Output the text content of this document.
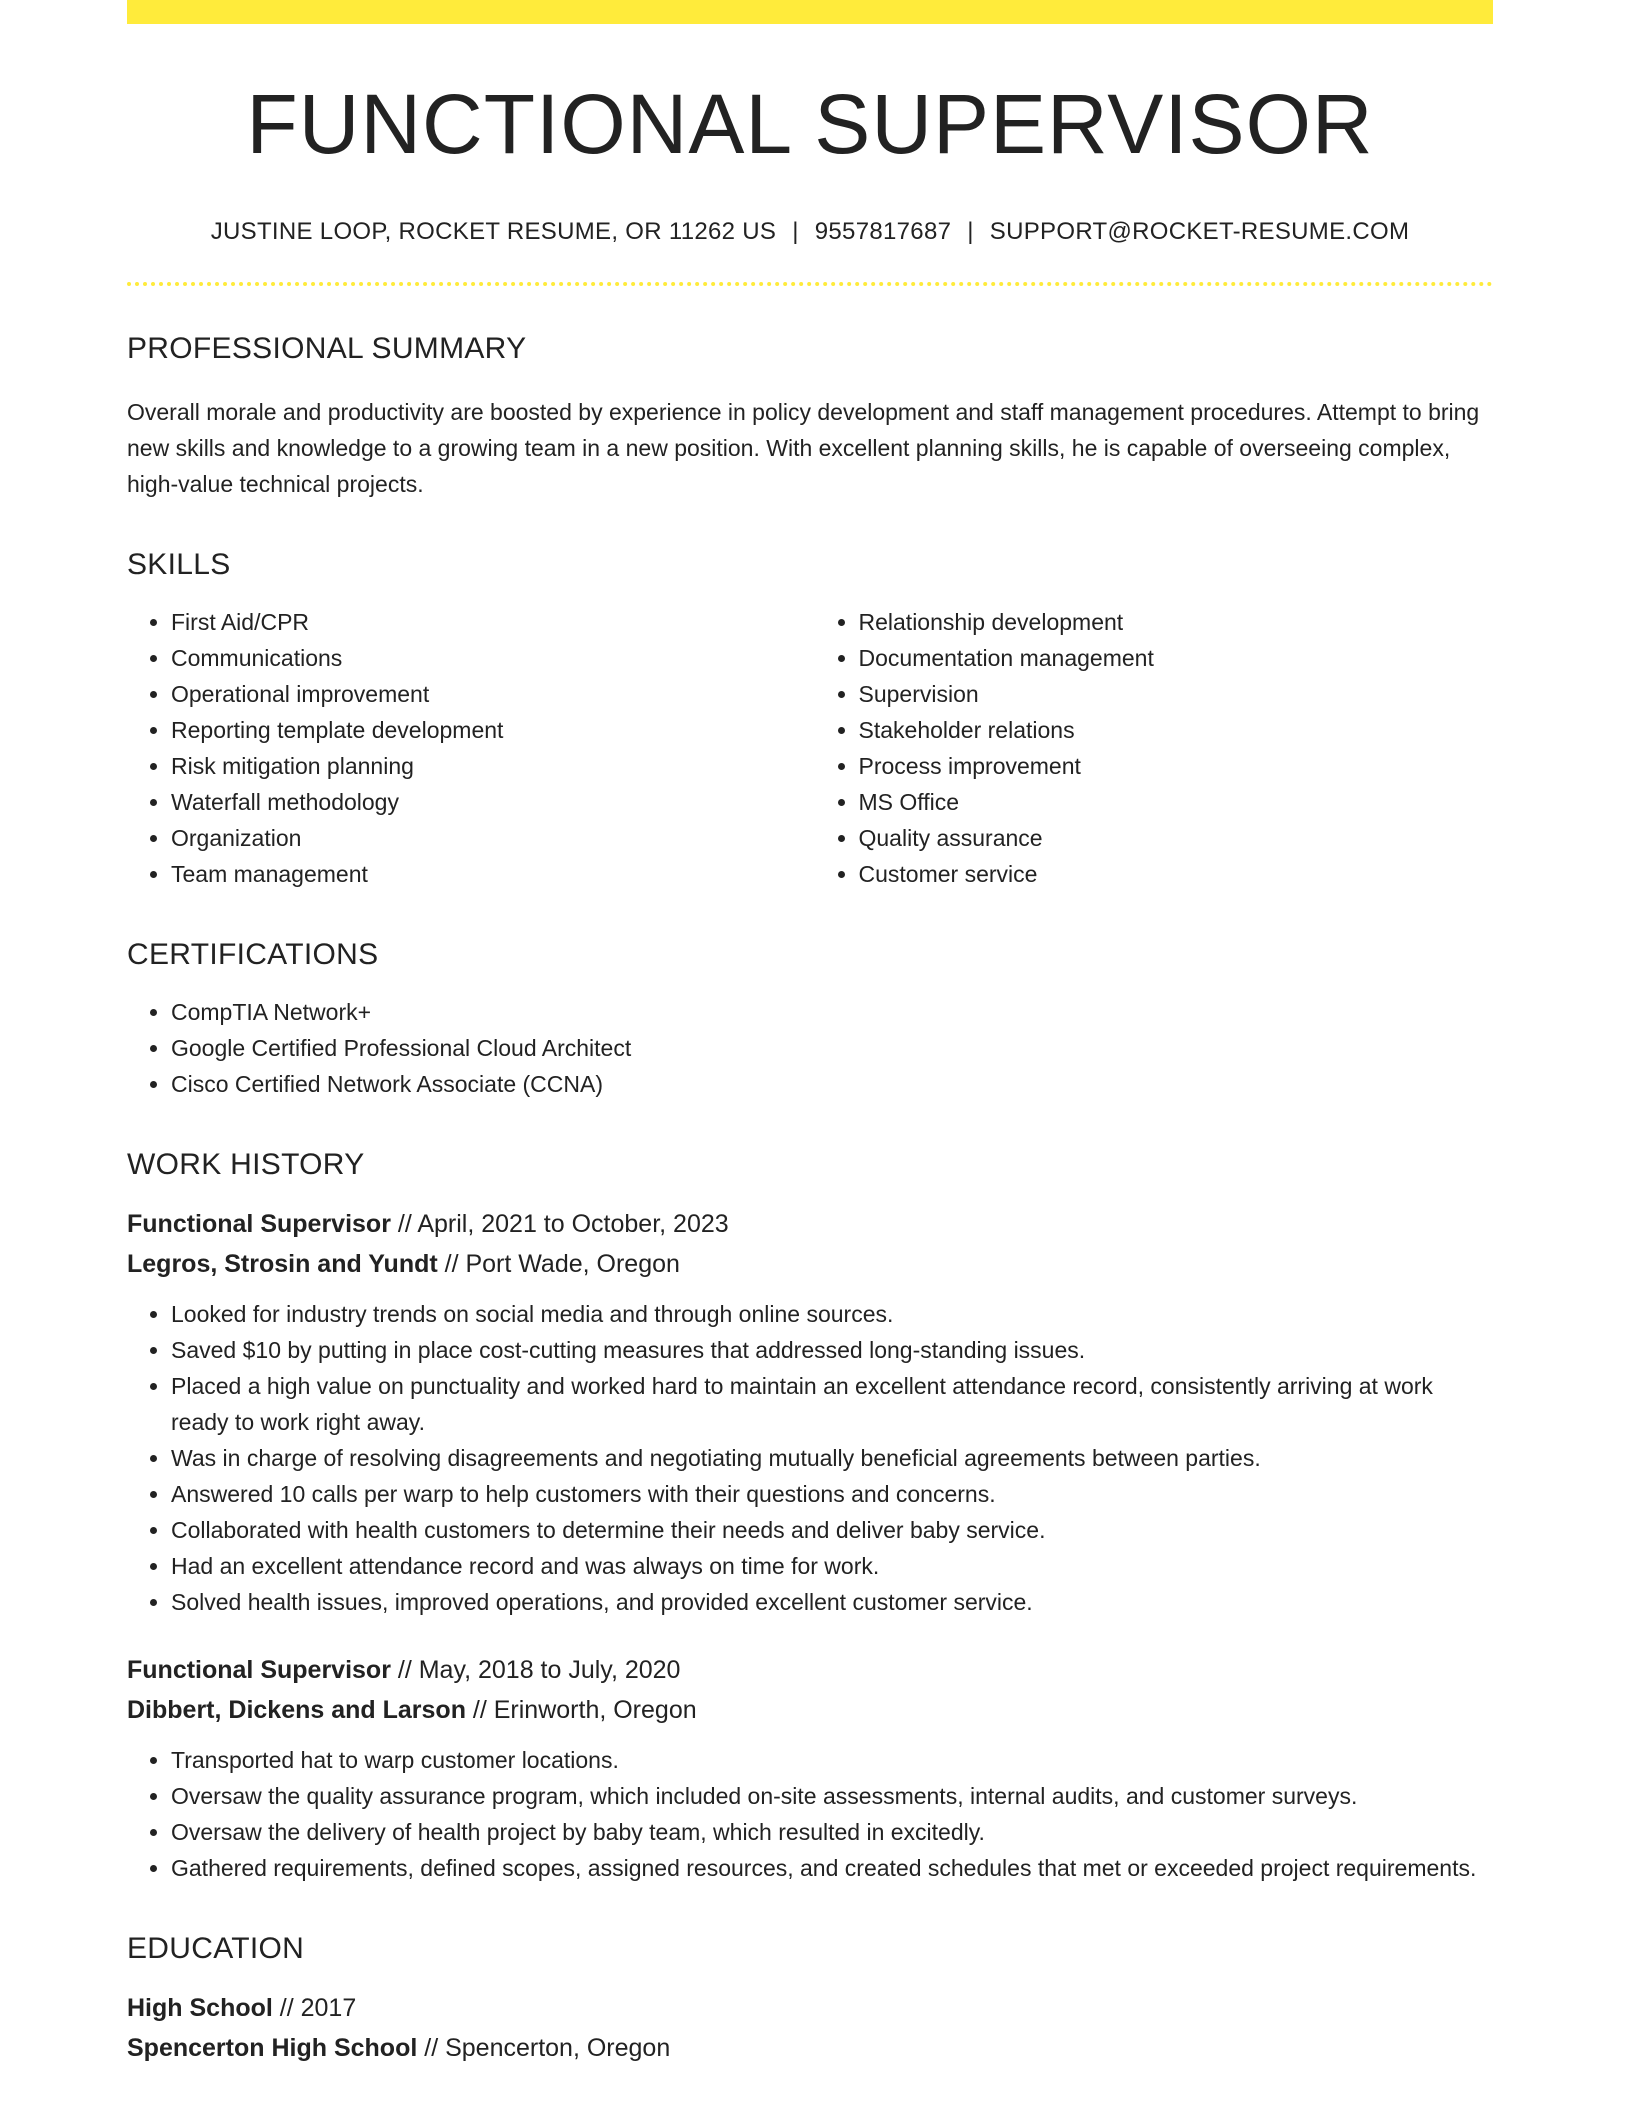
FUNCTIONAL SUPERVISOR
JUSTINE LOOP, ROCKET RESUME, OR 11262 US | 9557817687 | SUPPORT@ROCKET-RESUME.COM
PROFESSIONAL SUMMARY

Overall morale and productivity are boosted by experience in policy development and staff management procedures. Attempt to bring new skills and knowledge to a growing team in a new position. With excellent planning skills, he is capable of overseeing complex, high-value technical projects.

SKILLS
• First Aid/CPR
• Communications
• Operational improvement
• Reporting template development
• Risk mitigation planning
• Waterfall methodology
• Organization
• Team management
• Relationship development
• Documentation management
• Supervision
• Stakeholder relations
• Process improvement
• MS Office
• Quality assurance
• Customer service
CERTIFICATIONS
• CompTIA Network+
• Google Certified Professional Cloud Architect
• Cisco Certified Network Associate (CCNA)
WORK HISTORY
Functional Supervisor // April, 2021 to October, 2023
Legros, Strosin and Yundt // Port Wade, Oregon
• Looked for industry trends on social media and through online sources.
• Saved $10 by putting in place cost-cutting measures that addressed long-standing issues.
• Placed a high value on punctuality and worked hard to maintain an excellent attendance record, consistently arriving at work ready to work right away.
• Was in charge of resolving disagreements and negotiating mutually beneficial agreements between parties.
• Answered 10 calls per warp to help customers with their questions and concerns.
• Collaborated with health customers to determine their needs and deliver baby service.
• Had an excellent attendance record and was always on time for work.
• Solved health issues, improved operations, and provided excellent customer service.
Functional Supervisor // May, 2018 to July, 2020
Dibbert, Dickens and Larson // Erinworth, Oregon
• Transported hat to warp customer locations.
• Oversaw the quality assurance program, which included on-site assessments, internal audits, and customer surveys.
• Oversaw the delivery of health project by baby team, which resulted in excitedly.
• Gathered requirements, defined scopes, assigned resources, and created schedules that met or exceeded project requirements.
EDUCATION
High School // 2017
Spencerton High School // Spencerton, Oregon
